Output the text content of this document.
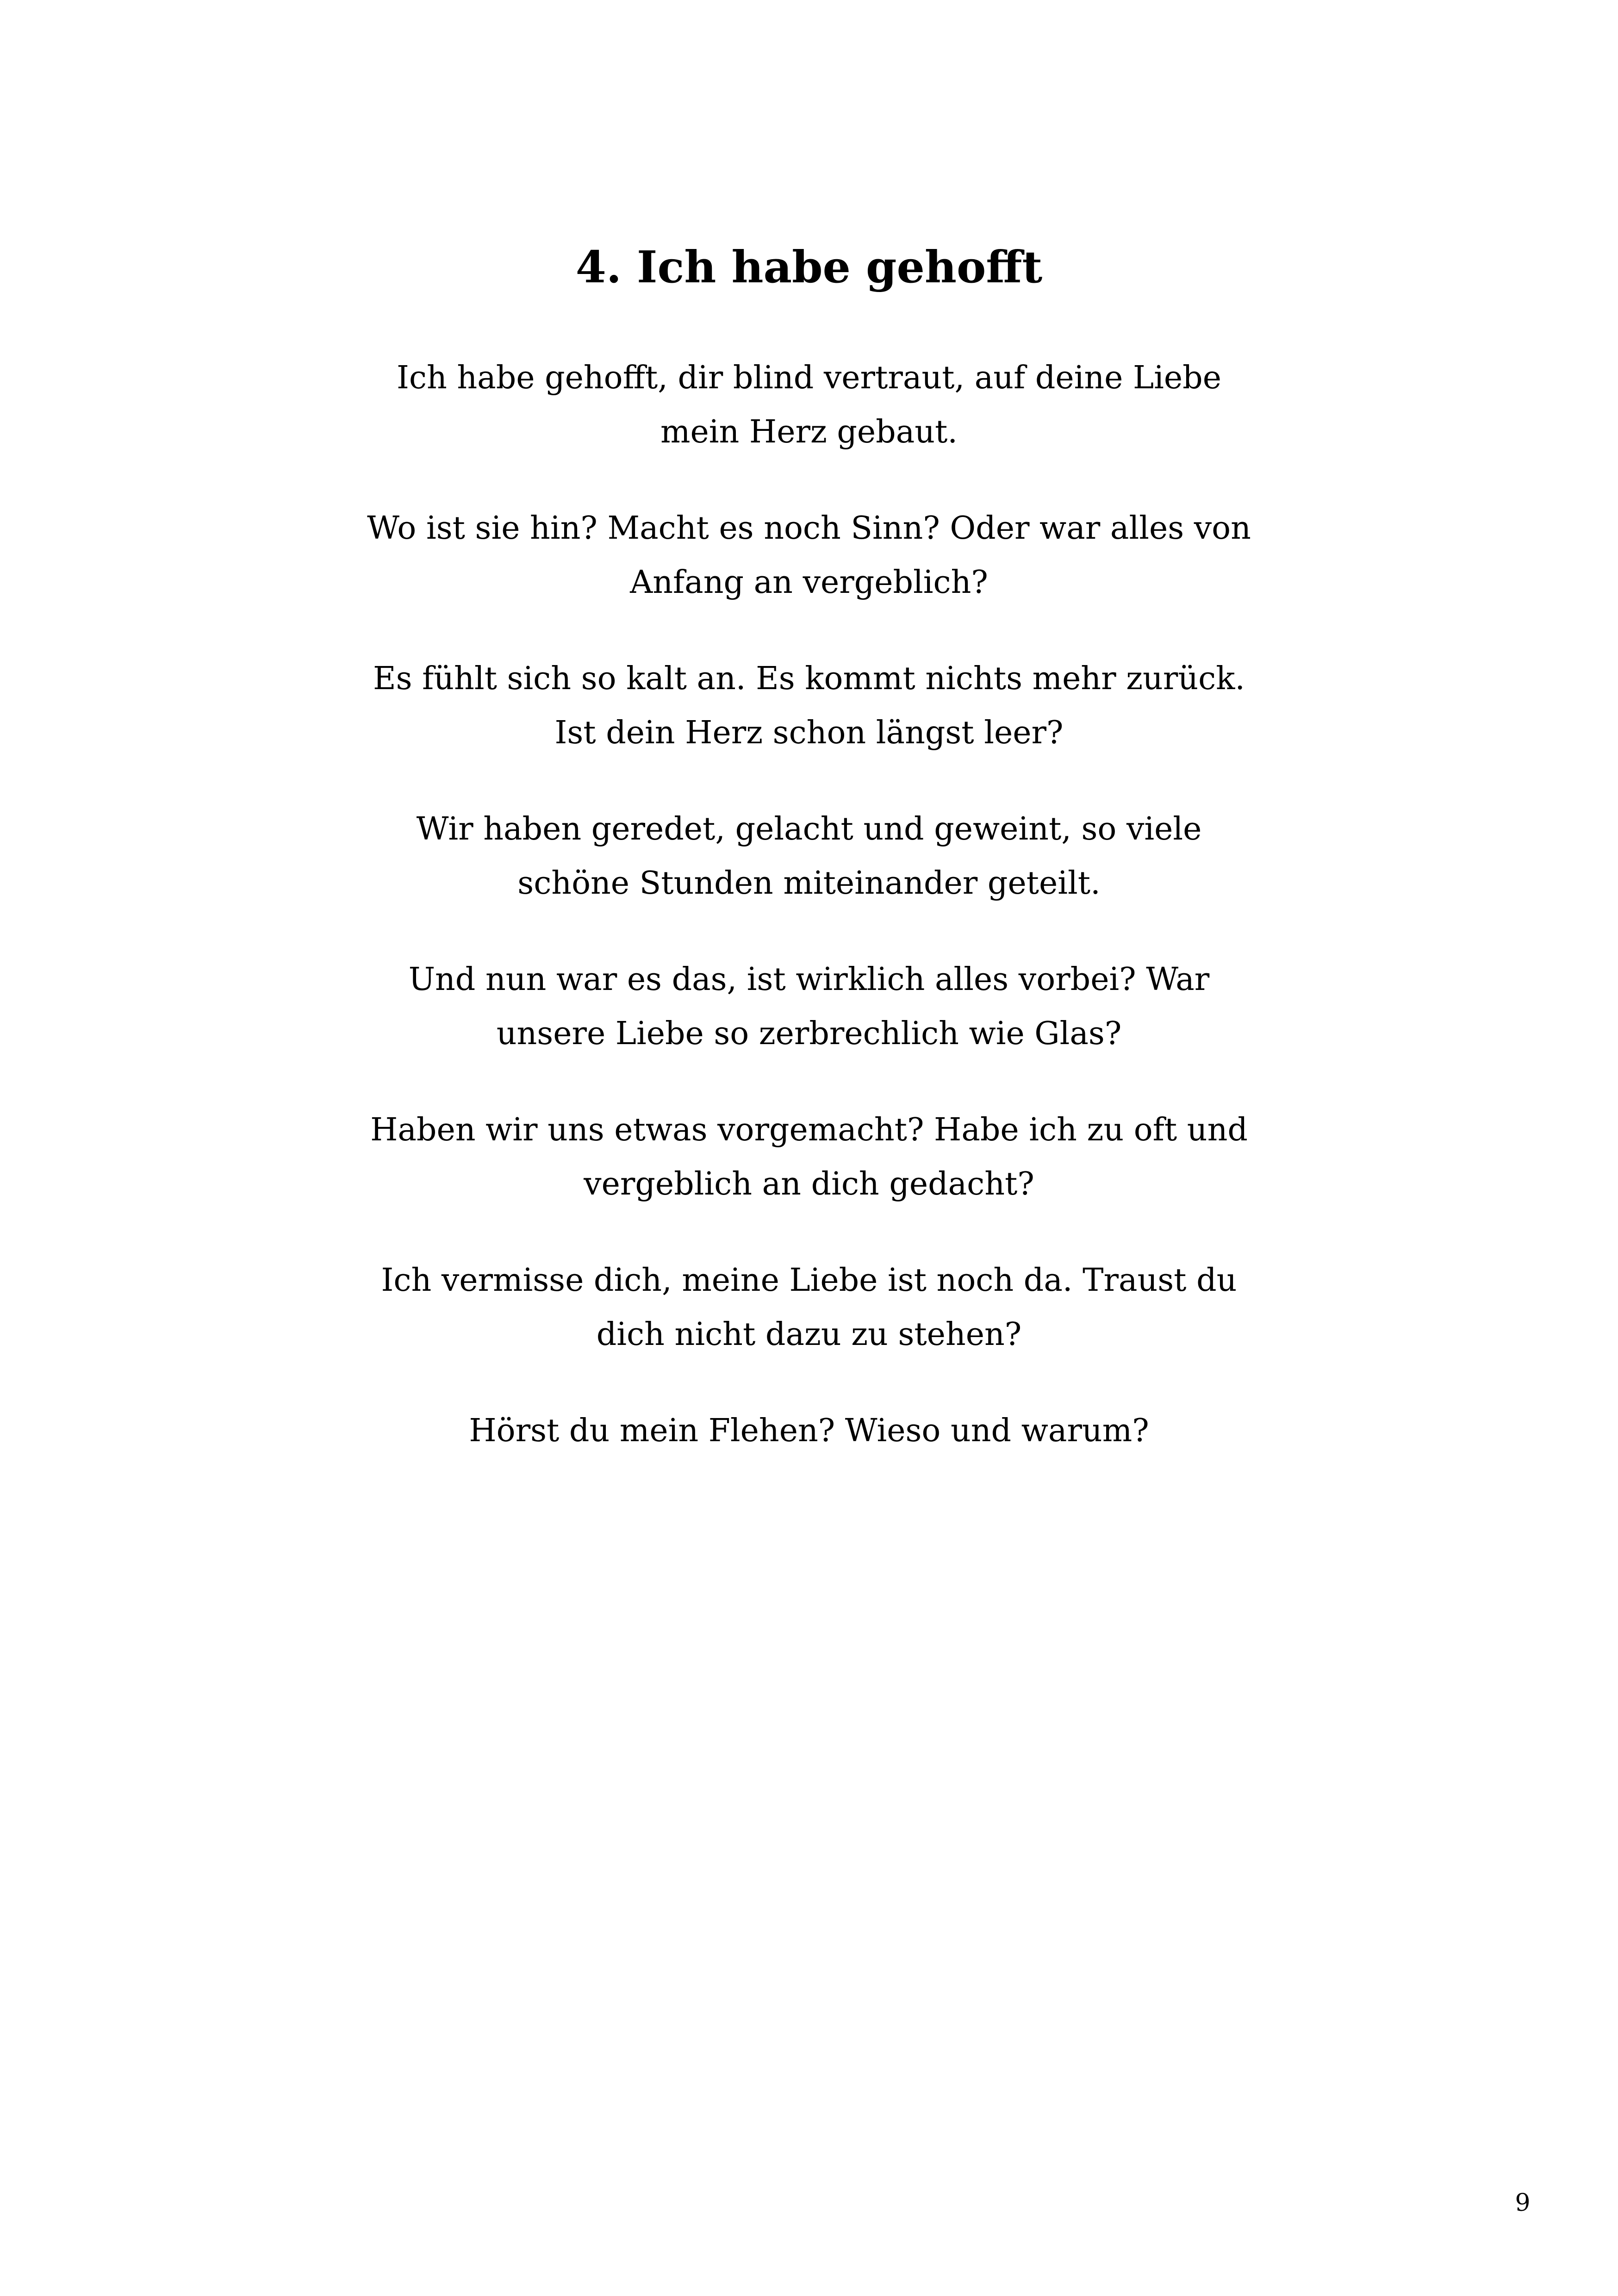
4. Ich habe gehofft

Ich habe gehofft, dir blind vertraut, auf deine Liebe
mein Herz gebaut.

Wo ist sie hin? Macht es noch Sinn? Oder war alles von
Anfang an vergeblich?

Es fühlt sich so kalt an. Es kommt nichts mehr zurück.
Ist dein Herz schon längst leer?

Wir haben geredet, gelacht und geweint, so viele
schöne Stunden miteinander geteilt.

Und nun war es das, ist wirklich alles vorbei? War
unsere Liebe so zerbrechlich wie Glas?

Haben wir uns etwas vorgemacht? Habe ich zu oft und
vergeblich an dich gedacht?

Ich vermisse dich, meine Liebe ist noch da. Traust du
dich nicht dazu zu stehen?

Hörst du mein Flehen? Wieso und warum?

9
